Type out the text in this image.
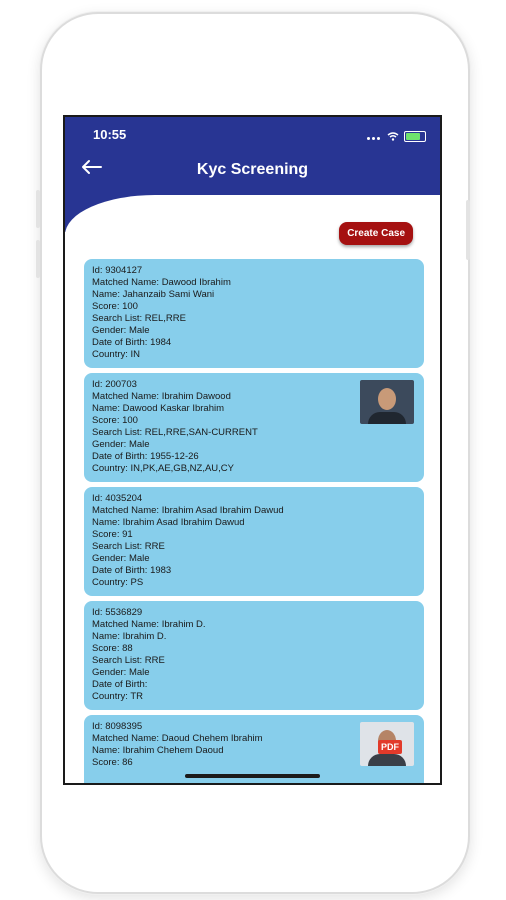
10:55
Kyc Screening
Create Case
Id: 9304127
Matched Name: Dawood Ibrahim
Name: Jahanzaib Sami Wani
Score: 100
Search List: REL,RRE
Gender: Male
Date of Birth: 1984
Country: IN
Id: 200703
Matched Name: Ibrahim Dawood
Name: Dawood Kaskar Ibrahim
Score: 100
Search List: REL,RRE,SAN-CURRENT
Gender: Male
Date of Birth: 1955-12-26
Country: IN,PK,AE,GB,NZ,AU,CY
Id: 4035204
Matched Name: Ibrahim Asad Ibrahim Dawud
Name: Ibrahim Asad Ibrahim Dawud
Score: 91
Search List: RRE
Gender: Male
Date of Birth: 1983
Country: PS
Id: 5536829
Matched Name: Ibrahim D.
Name: Ibrahim D.
Score: 88
Search List: RRE
Gender: Male
Date of Birth:
Country: TR
Id: 8098395
Matched Name: Daoud Chehem Ibrahim
Name: Ibrahim Chehem Daoud
Score: 86
PDF
